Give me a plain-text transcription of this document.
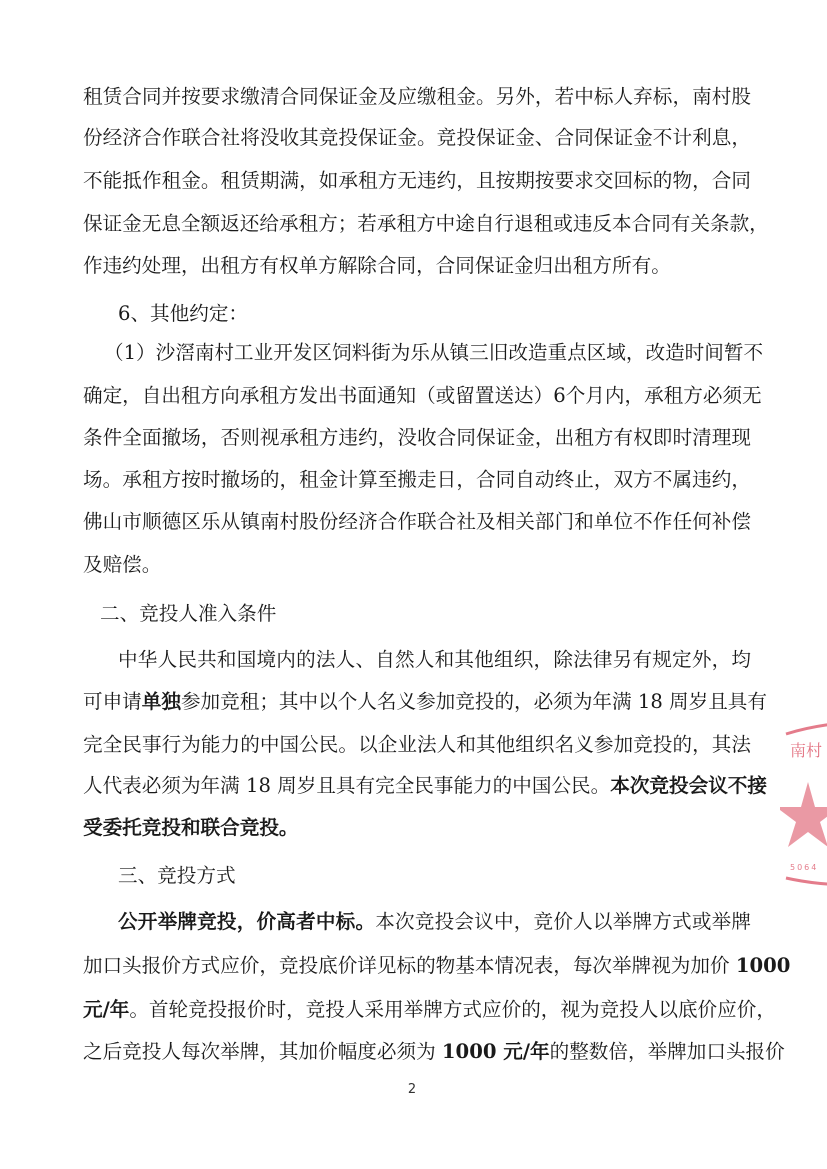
租赁合同并按要求缴清合同保证金及应缴租金。另外，若中标人弃标，南村股
份经济合作联合社将没收其竞投保证金。竞投保证金、合同保证金不计利息，
不能抵作租金。租赁期满，如承租方无违约，且按期按要求交回标的物，合同
保证金无息全额返还给承租方；若承租方中途自行退租或违反本合同有关条款，
作违约处理，出租方有权单方解除合同，合同保证金归出租方所有。
6、其他约定：
（1）沙滘南村工业开发区饲料街为乐从镇三旧改造重点区域，改造时间暂不
确定，自出租方向承租方发出书面通知（或留置送达）6个月内，承租方必须无
条件全面撤场，否则视承租方违约，没收合同保证金，出租方有权即时清理现
场。承租方按时撤场的，租金计算至搬走日，合同自动终止，双方不属违约，
佛山市顺德区乐从镇南村股份经济合作联合社及相关部门和单位不作任何补偿
及赔偿。
二、竞投人准入条件
中华人民共和国境内的法人、自然人和其他组织，除法律另有规定外，均
可申请单独参加竞租；其中以个人名义参加竞投的，必须为年满 18 周岁且具有
完全民事行为能力的中国公民。以企业法人和其他组织名义参加竞投的，其法
人代表必须为年满 18 周岁且具有完全民事能力的中国公民。本次竞投会议不接
受委托竞投和联合竞投。
三、竞投方式
公开举牌竞投，价高者中标。本次竞投会议中，竞价人以举牌方式或举牌
加口头报价方式应价，竞投底价详见标的物基本情况表，每次举牌视为加价 1000
元/年。首轮竞投报价时，竞投人采用举牌方式应价的，视为竞投人以底价应价，
之后竞投人每次举牌，其加价幅度必须为 1000 元/年的整数倍，举牌加口头报价
2
南村
5064
